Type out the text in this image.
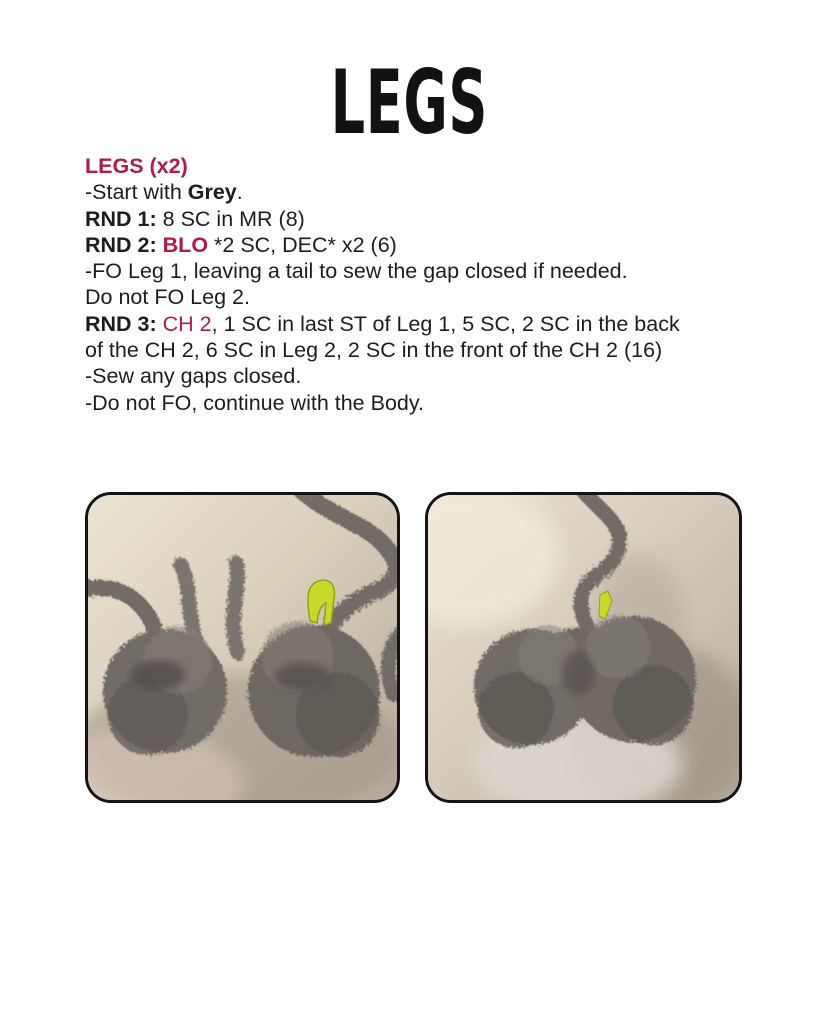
LEGS
LEGS (x2)
-Start with Grey.
RND 1: 8 SC in MR (8)
RND 2: BLO *2 SC, DEC* x2 (6)
-FO Leg 1, leaving a tail to sew the gap closed if needed.
Do not FO Leg 2.
RND 3: CH 2, 1 SC in last ST of Leg 1, 5 SC, 2 SC in the back
of the CH 2, 6 SC in Leg 2, 2 SC in the front of the CH 2 (16)
-Sew any gaps closed.
-Do not FO, continue with the Body.
